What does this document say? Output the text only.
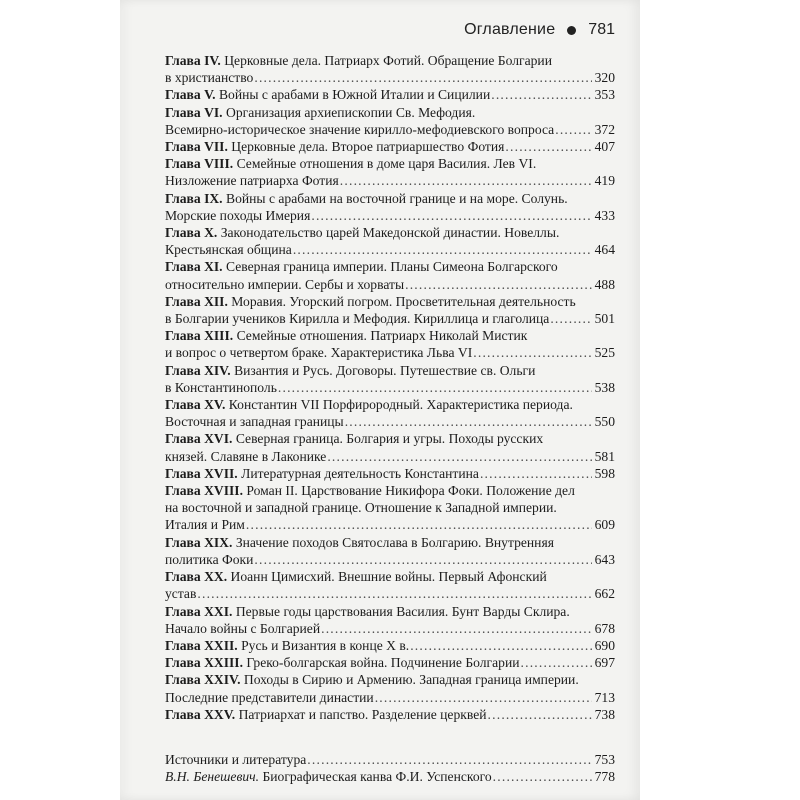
Оглавление 781
Глава IV. Церковные дела. Патриарх Фотий. Обращение Болгарии
в христианство .....	320
Глава V. Войны с арабами в Южной Италии и Сицилии .....	353
Глава VI. Организация архиепископии Св. Мефодия.
Всемирно-историческое значение кирилло-мефодиевского вопроса .....	372
Глава VII. Церковные дела. Второе патриаршество Фотия .....	407
Глава VIII. Семейные отношения в доме царя Василия. Лев VI.
Низложение патриарха Фотия .....	419
Глава IX. Войны с арабами на восточной границе и на море. Солунь.
Морские походы Имерия .....	433
Глава X. Законодательство царей Македонской династии. Новеллы.
Крестьянская община .....	464
Глава XI. Северная граница империи. Планы Симеона Болгарского
относительно империи. Сербы и хорваты .....	488
Глава XII. Моравия. Угорский погром. Просветительная деятельность
в Болгарии учеников Кирилла и Мефодия. Кириллица и глаголица .....	501
Глава XIII. Семейные отношения. Патриарх Николай Мистик
и вопрос о четвертом браке. Характеристика Льва VI .....	525
Глава XIV. Византия и Русь. Договоры. Путешествие св. Ольги
в Константинополь .....	538
Глава XV. Константин VII Порфирородный. Характеристика периода.
Восточная и западная границы .....	550
Глава XVI. Северная граница. Болгария и угры. Походы русских
князей. Славяне в Лаконике .....	581
Глава XVII. Литературная деятельность Константина .....	598
Глава XVIII. Роман II. Царствование Никифора Фоки. Положение дел
на восточной и западной границе. Отношение к Западной империи.
Италия и Рим .....	609
Глава XIX. Значение походов Святослава в Болгарию. Внутренняя
политика Фоки .....	643
Глава XX. Иоанн Цимисхий. Внешние войны. Первый Афонский
устав .....	662
Глава XXI. Первые годы царствования Василия. Бунт Варды Склира.
Начало войны с Болгарией .....	678
Глава XXII. Русь и Византия в конце X в. .....	690
Глава XXIII. Греко-болгарская война. Подчинение Болгарии .....	697
Глава XXIV. Походы в Сирию и Армению. Западная граница империи.
Последние представители династии .....	713
Глава XXV. Патриархат и папство. Разделение церквей .....	738
Источники и литература .....	753
В.Н. Бенешевич. Биографическая канва Ф.И. Успенского .....	778
